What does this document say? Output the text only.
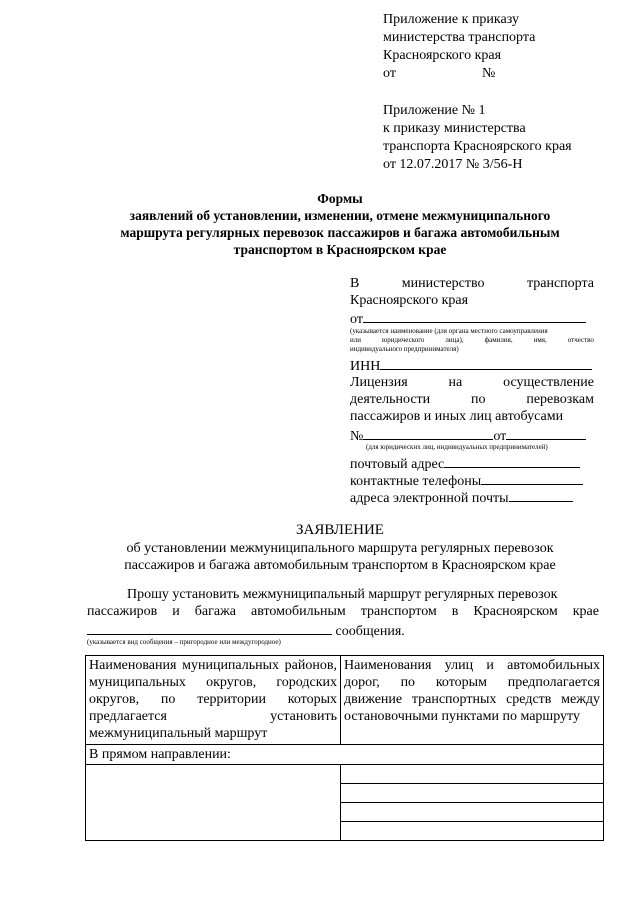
Приложение к приказу
министерства транспорта
Красноярского края
от	№
Приложение № 1
к приказу министерства
транспорта Красноярского края
от 12.07.2017 № 3/56-Н
Формы
заявлений об установлении, изменении, отмене межмуниципального
маршрута регулярных перевозок пассажиров и багажа автомобильным
транспортом в Красноярском крае
В	министерство	транспорта
Красноярского края
от
(указывается наименование (для органа местного самоуправления
или	юридического	лица),	фамилия,	имя,	отчество
индивидуального предпринимателя)
ИНН
Лицензия	на	осуществление
деятельности	по	перевозкам
пассажиров и иных лиц автобусами
№	от
(для юридических лиц, индивидуальных предпринимателей)
почтовый адрес
контактные телефоны
адреса электронной почты
ЗАЯВЛЕНИЕ
об установлении межмуниципального маршрута регулярных перевозок
пассажиров и багажа автомобильным транспортом в Красноярском крае
Прошу установить межмуниципальный маршрут регулярных перевозок
пассажиров и багажа автомобильным транспортом в Красноярском крае
сообщения.
(указывается вид сообщения – пригородное или междугородное)
Наименования муниципальных районов, муниципальных округов, городских округов, по территории которых предлагается установить межмуниципальный маршрут	Наименования улиц и автомобильных дорог, по которым предполагается движение транспортных средств между остановочными пунктами по маршруту
В прямом направлении:	
